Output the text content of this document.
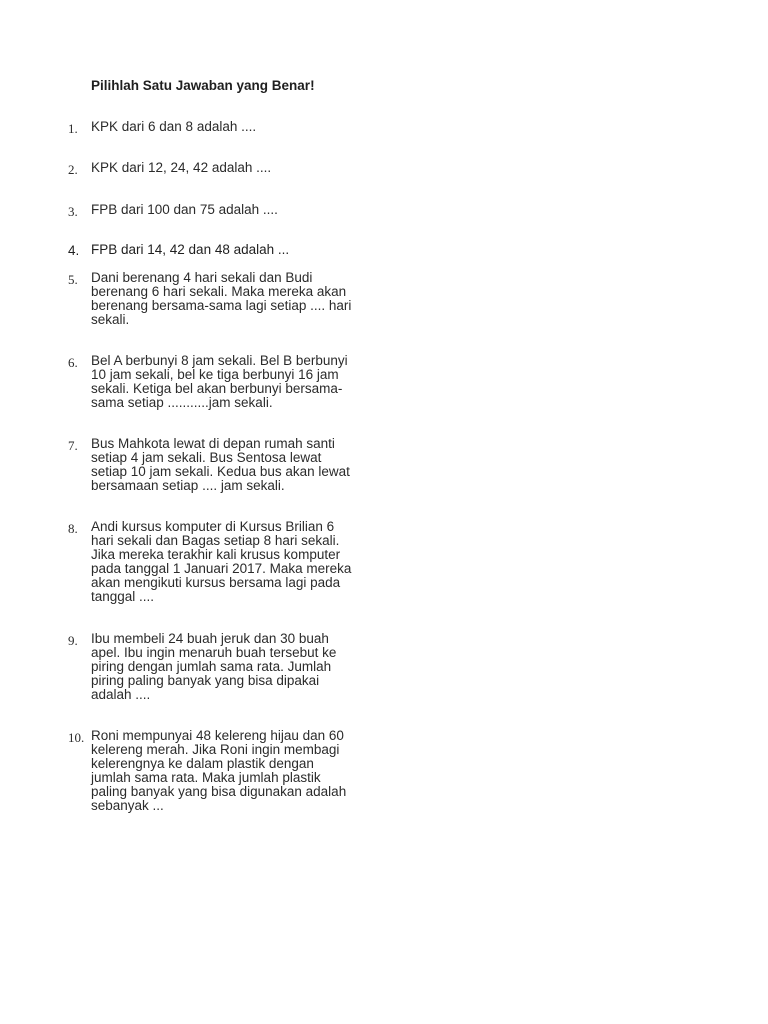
Pilihlah Satu Jawaban yang Benar!
1. KPK dari 6 dan 8 adalah ....
2. KPK dari 12, 24, 42 adalah ....
3. FPB dari 100 dan 75 adalah ....
4. FPB dari 14, 42 dan 48 adalah ...
5. Dani berenang 4 hari sekali dan Budi
berenang 6 hari sekali. Maka mereka akan
berenang bersama-sama lagi setiap .... hari
sekali.
6. Bel A berbunyi 8 jam sekali. Bel B berbunyi
10 jam sekali, bel ke tiga berbunyi 16 jam
sekali. Ketiga bel akan berbunyi bersama-
sama setiap ...........jam sekali.
7. Bus Mahkota lewat di depan rumah santi
setiap 4 jam sekali. Bus Sentosa lewat
setiap 10 jam sekali. Kedua bus akan lewat
bersamaan setiap .... jam sekali.
8. Andi kursus komputer di Kursus Brilian 6
hari sekali dan Bagas setiap 8 hari sekali.
Jika mereka terakhir kali krusus komputer
pada tanggal 1 Januari 2017. Maka mereka
akan mengikuti kursus bersama lagi pada
tanggal ....
9. Ibu membeli 24 buah jeruk dan 30 buah
apel. Ibu ingin menaruh buah tersebut ke
piring dengan jumlah sama rata. Jumlah
piring paling banyak yang bisa dipakai
adalah ....
10. Roni mempunyai 48 kelereng hijau dan 60
kelereng merah. Jika Roni ingin membagi
kelerengnya ke dalam plastik dengan
jumlah sama rata. Maka jumlah plastik
paling banyak yang bisa digunakan adalah
sebanyak ...
